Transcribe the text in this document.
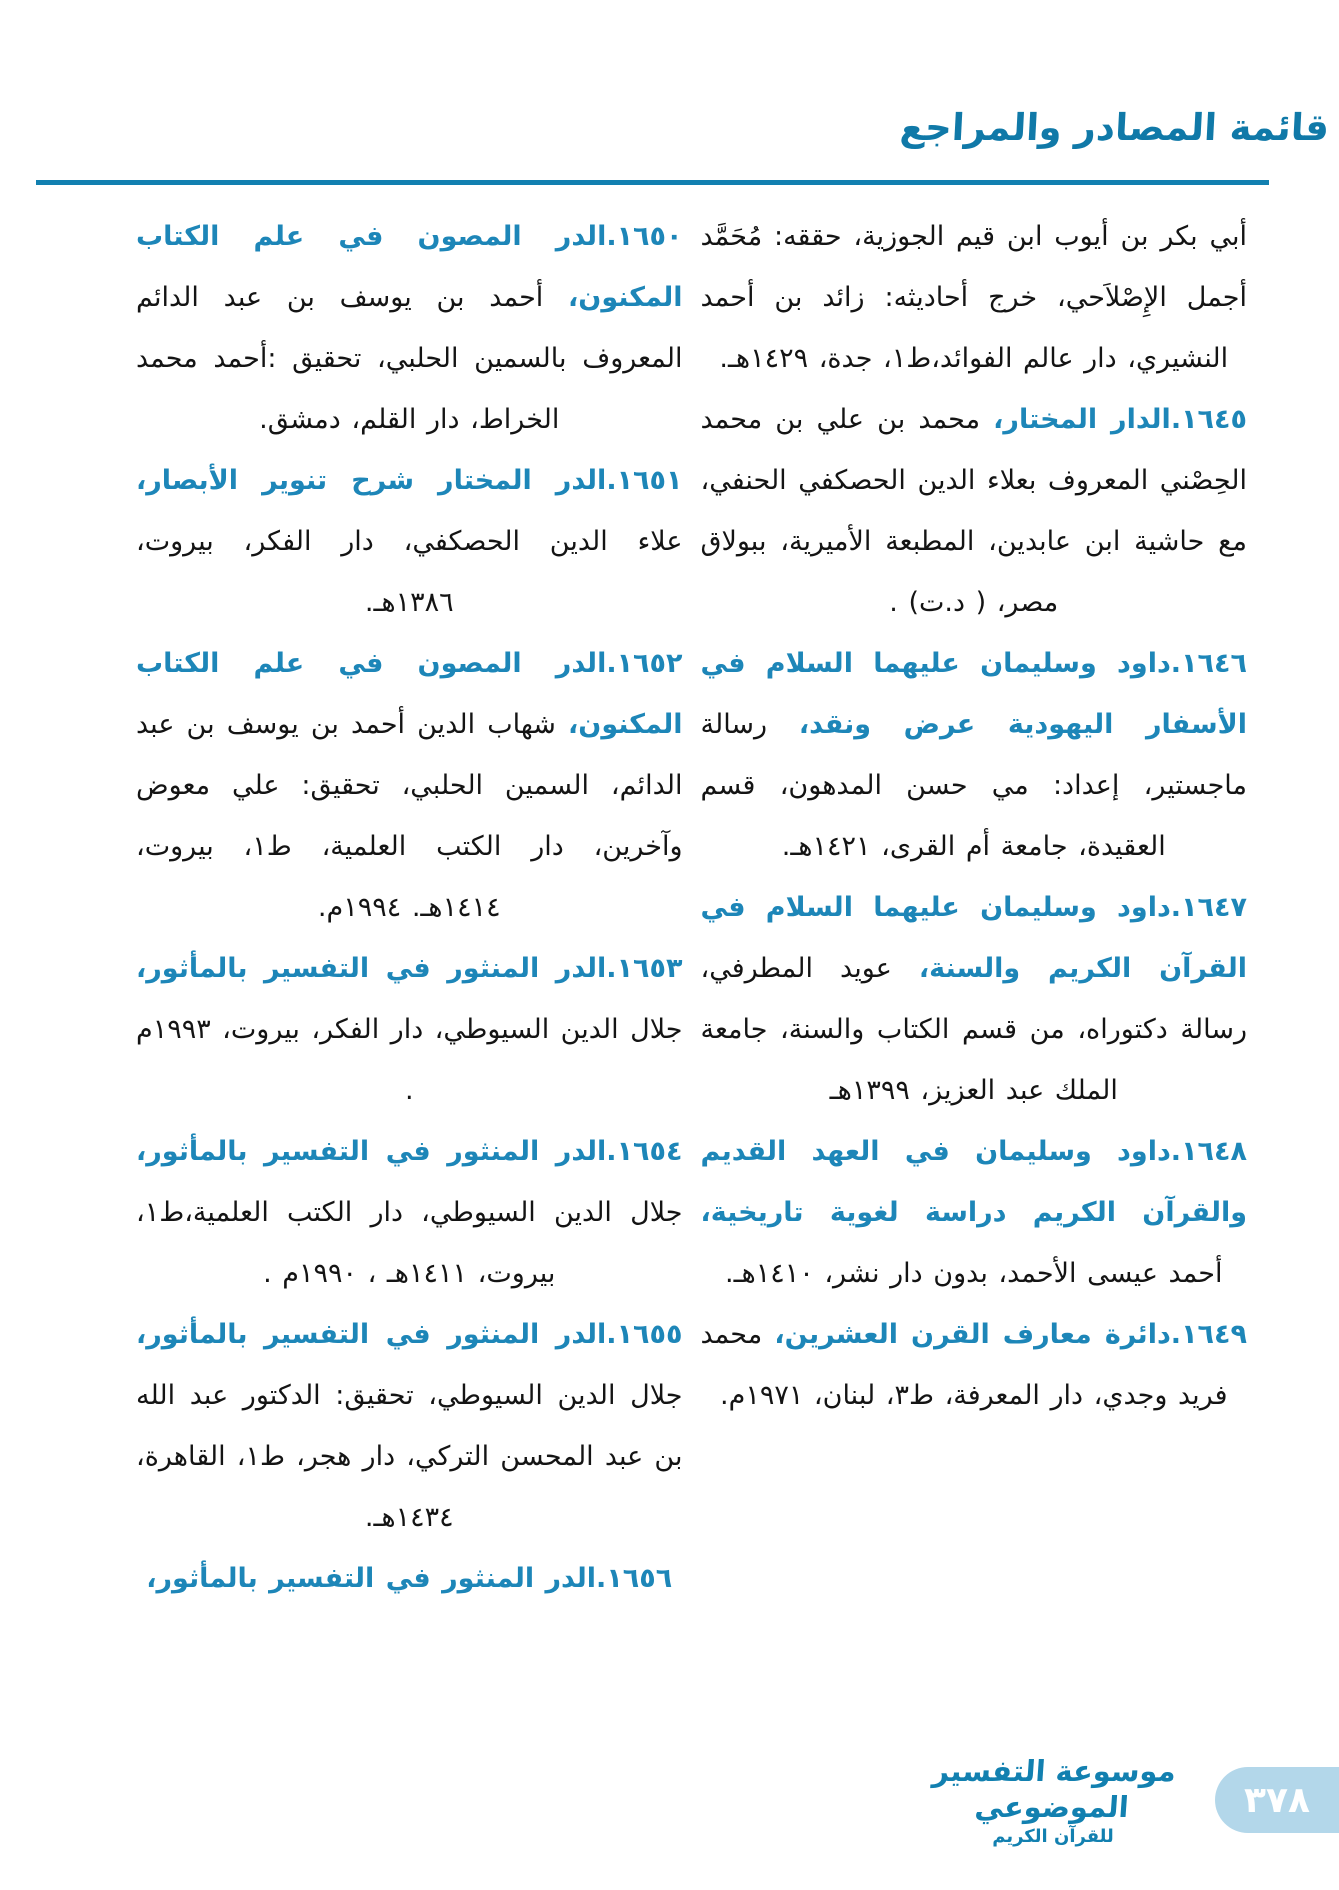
قائمة المصادر والمراجع

أبي بكر بن أيوب ابن قيم الجوزية، حققه: مُحَمَّد أجمل الإِصْلاَحي، خرج أحاديثه: زائد بن أحمد النشيري، دار عالم الفوائد،ط١، جدة، ١٤٢٩هـ.

١٦٤٥.الدار المختار، محمد بن علي بن محمد الحِصْني المعروف بعلاء الدين الحصكفي الحنفي، مع حاشية ابن عابدين، المطبعة الأميرية، ببولاق مصر، ( د.ت) .

١٦٤٦.داود وسليمان عليهما السلام في الأسفار اليهودية عرض ونقد، رسالة ماجستير، إعداد: مي حسن المدهون، قسم العقيدة، جامعة أم القرى، ١٤٢١هـ.

١٦٤٧.داود وسليمان عليهما السلام في القرآن الكريم والسنة، عويد المطرفي، رسالة دكتوراه، من قسم الكتاب والسنة، جامعة الملك عبد العزيز، ١٣٩٩هـ

١٦٤٨.داود وسليمان في العهد القديم والقرآن الكريم دراسة لغوية تاريخية، أحمد عيسى الأحمد، بدون دار نشر، ١٤١٠هـ.

١٦٤٩.دائرة معارف القرن العشرين، محمد فريد وجدي، دار المعرفة، ط٣، لبنان، ١٩٧١م.

١٦٥٠.الدر المصون في علم الكتاب المكنون، أحمد بن يوسف بن عبد الدائم المعروف بالسمين الحلبي، تحقيق :أحمد محمد الخراط، دار القلم، دمشق.

١٦٥١.الدر المختار شرح تنوير الأبصار، علاء الدين الحصكفي، دار الفكر، بيروت، ١٣٨٦هـ.

١٦٥٢.الدر المصون في علم الكتاب المكنون، شهاب الدين أحمد بن يوسف بن عبد الدائم، السمين الحلبي، تحقيق: علي معوض وآخرين، دار الكتب العلمية، ط١، بيروت، ١٤١٤هـ. ١٩٩٤م.

١٦٥٣.الدر المنثور في التفسير بالمأثور، جلال الدين السيوطي، دار الفكر، بيروت، ١٩٩٣م .

١٦٥٤.الدر المنثور في التفسير بالمأثور، جلال الدين السيوطي، دار الكتب العلمية،ط١، بيروت، ١٤١١هـ ، ١٩٩٠م .

١٦٥٥.الدر المنثور في التفسير بالمأثور، جلال الدين السيوطي، تحقيق: الدكتور عبد الله بن عبد المحسن التركي، دار هجر، ط١، القاهرة، ١٤٣٤هـ.

١٦٥٦.الدر المنثور في التفسير بالمأثور،

موسوعة التفسير الموضوعي
للقرآن الكريم
٣٧٨
